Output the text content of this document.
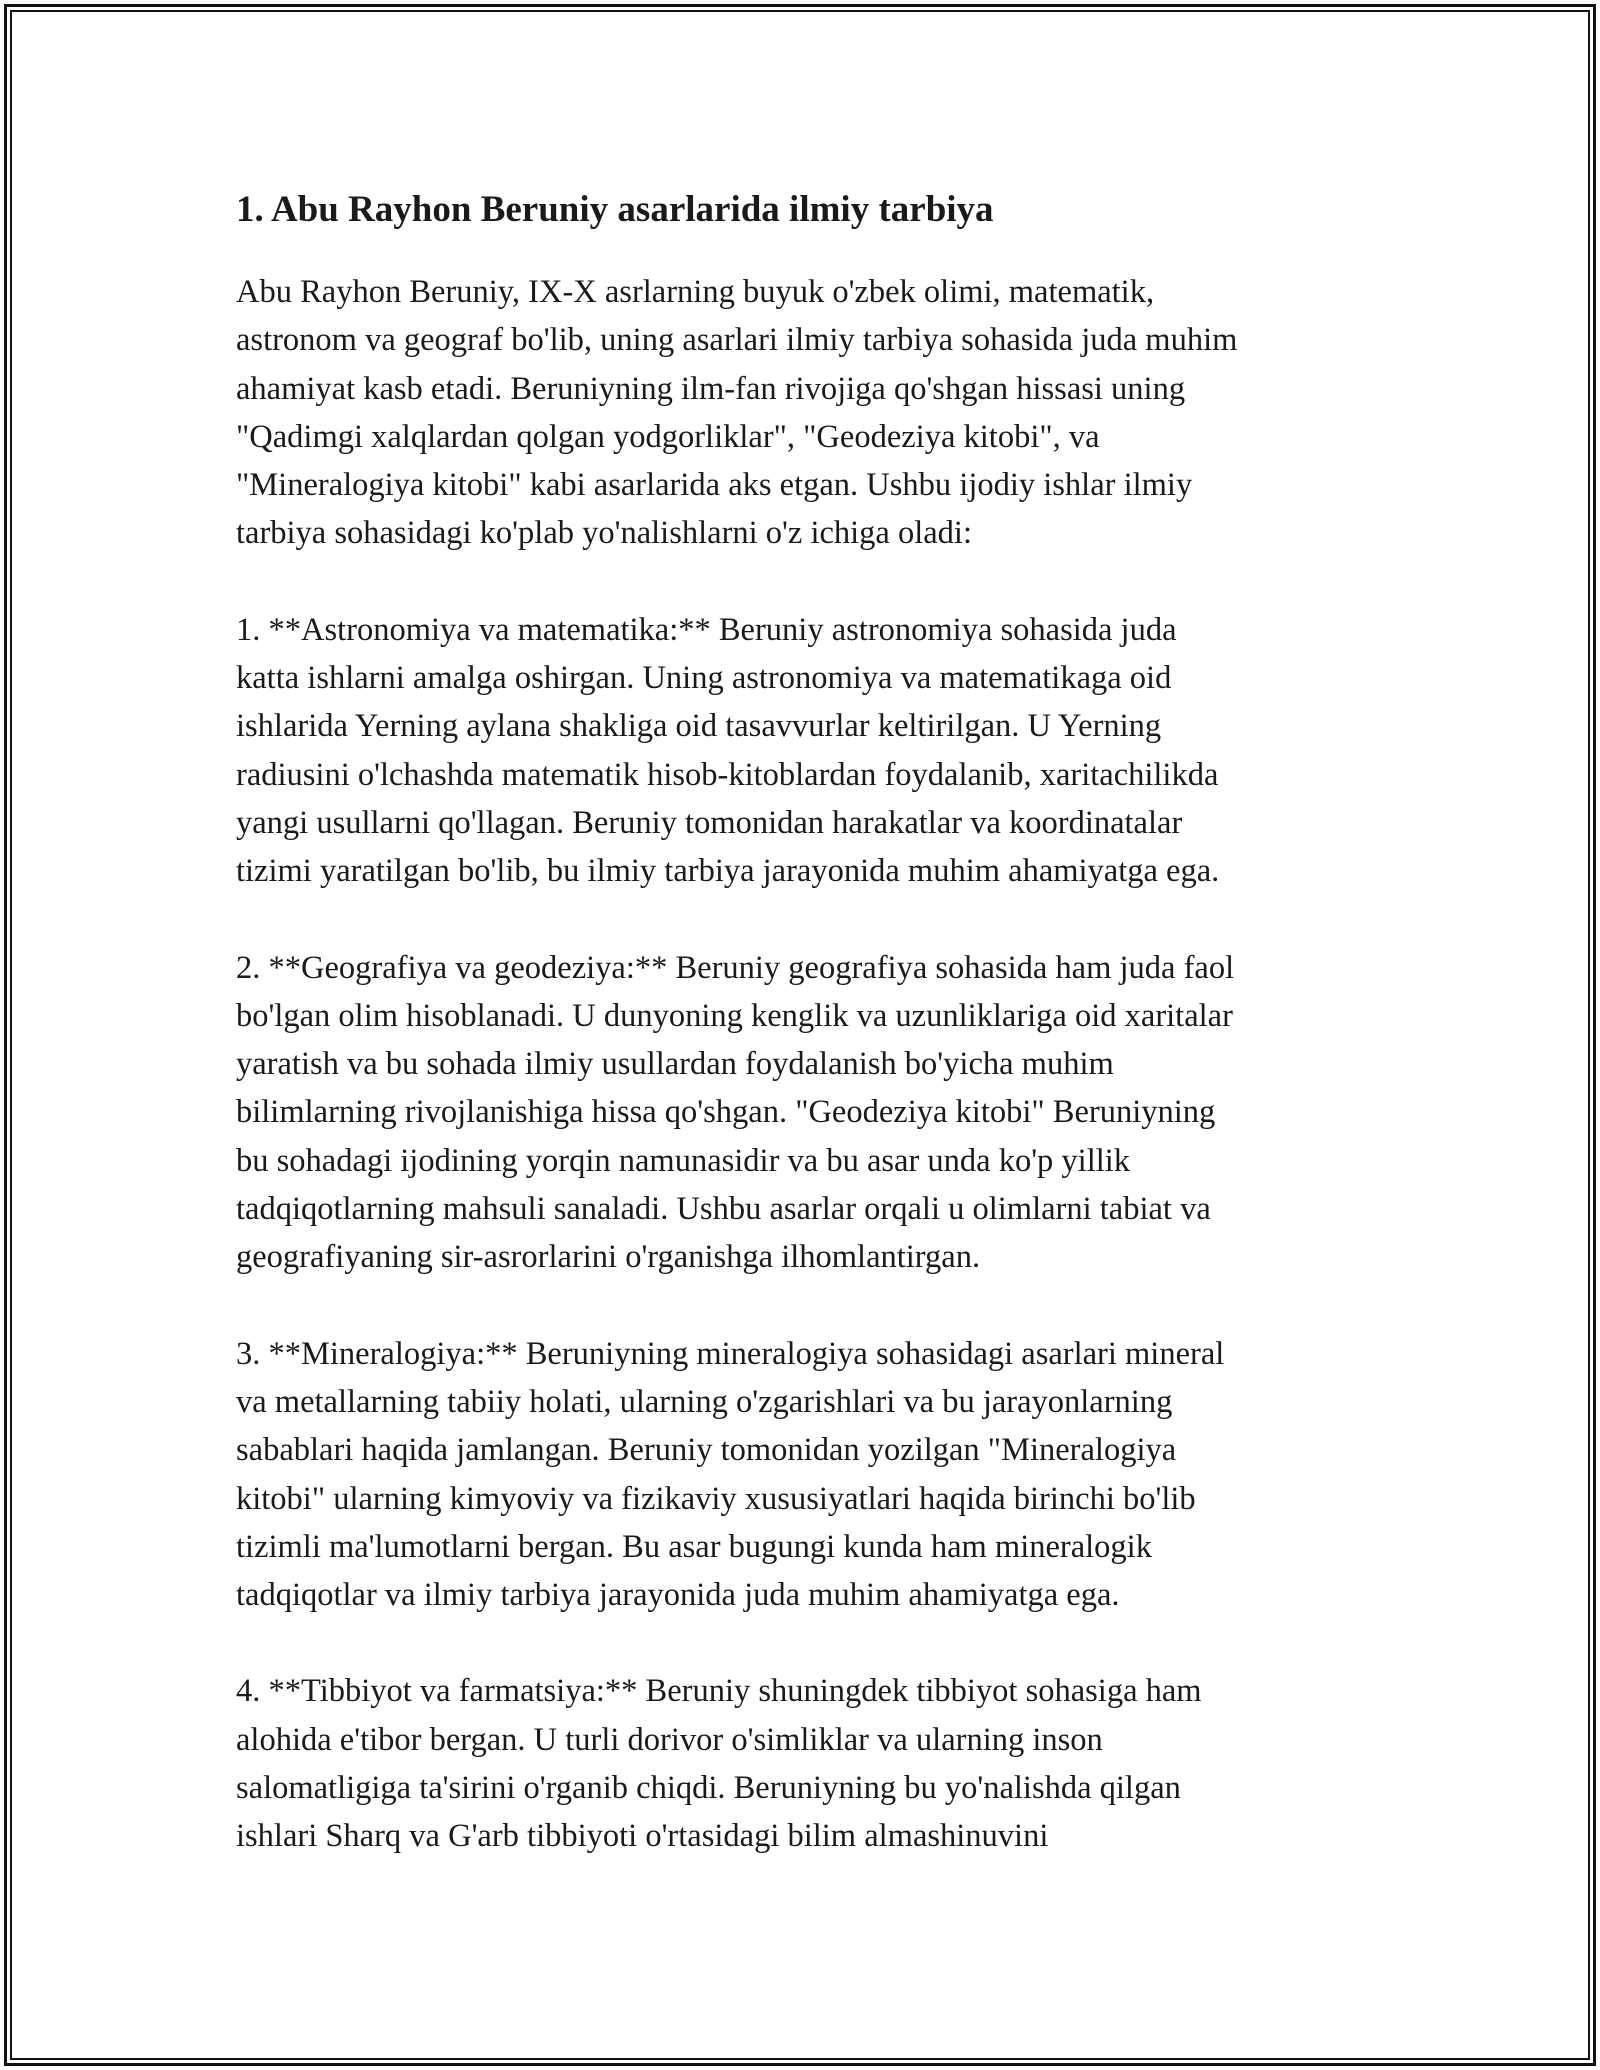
1. Abu Rayhon Beruniy asarlarida ilmiy tarbiya

Abu Rayhon Beruniy, IX-X asrlarning buyuk o'zbek olimi, matematik,
astronom va geograf bo'lib, uning asarlari ilmiy tarbiya sohasida juda muhim
ahamiyat kasb etadi. Beruniyning ilm-fan rivojiga qo'shgan hissasi uning
"Qadimgi xalqlardan qolgan yodgorliklar", "Geodeziya kitobi", va
"Mineralogiya kitobi" kabi asarlarida aks etgan. Ushbu ijodiy ishlar ilmiy
tarbiya sohasidagi ko'plab yo'nalishlarni o'z ichiga oladi:

1. **Astronomiya va matematika:** Beruniy astronomiya sohasida juda
katta ishlarni amalga oshirgan. Uning astronomiya va matematikaga oid
ishlarida Yerning aylana shakliga oid tasavvurlar keltirilgan. U Yerning
radiusini o'lchashda matematik hisob-kitoblardan foydalanib, xaritachilikda
yangi usullarni qo'llagan. Beruniy tomonidan harakatlar va koordinatalar
tizimi yaratilgan bo'lib, bu ilmiy tarbiya jarayonida muhim ahamiyatga ega.

2. **Geografiya va geodeziya:** Beruniy geografiya sohasida ham juda faol
bo'lgan olim hisoblanadi. U dunyoning kenglik va uzunliklariga oid xaritalar
yaratish va bu sohada ilmiy usullardan foydalanish bo'yicha muhim
bilimlarning rivojlanishiga hissa qo'shgan. "Geodeziya kitobi" Beruniyning
bu sohadagi ijodining yorqin namunasidir va bu asar unda ko'p yillik
tadqiqotlarning mahsuli sanaladi. Ushbu asarlar orqali u olimlarni tabiat va
geografiyaning sir-asrorlarini o'rganishga ilhomlantirgan.

3. **Mineralogiya:** Beruniyning mineralogiya sohasidagi asarlari mineral
va metallarning tabiiy holati, ularning o'zgarishlari va bu jarayonlarning
sabablari haqida jamlangan. Beruniy tomonidan yozilgan "Mineralogiya
kitobi" ularning kimyoviy va fizikaviy xususiyatlari haqida birinchi bo'lib
tizimli ma'lumotlarni bergan. Bu asar bugungi kunda ham mineralogik
tadqiqotlar va ilmiy tarbiya jarayonida juda muhim ahamiyatga ega.

4. **Tibbiyot va farmatsiya:** Beruniy shuningdek tibbiyot sohasiga ham
alohida e'tibor bergan. U turli dorivor o'simliklar va ularning inson
salomatligiga ta'sirini o'rganib chiqdi. Beruniyning bu yo'nalishda qilgan
ishlari Sharq va G'arb tibbiyoti o'rtasidagi bilim almashinuvini
